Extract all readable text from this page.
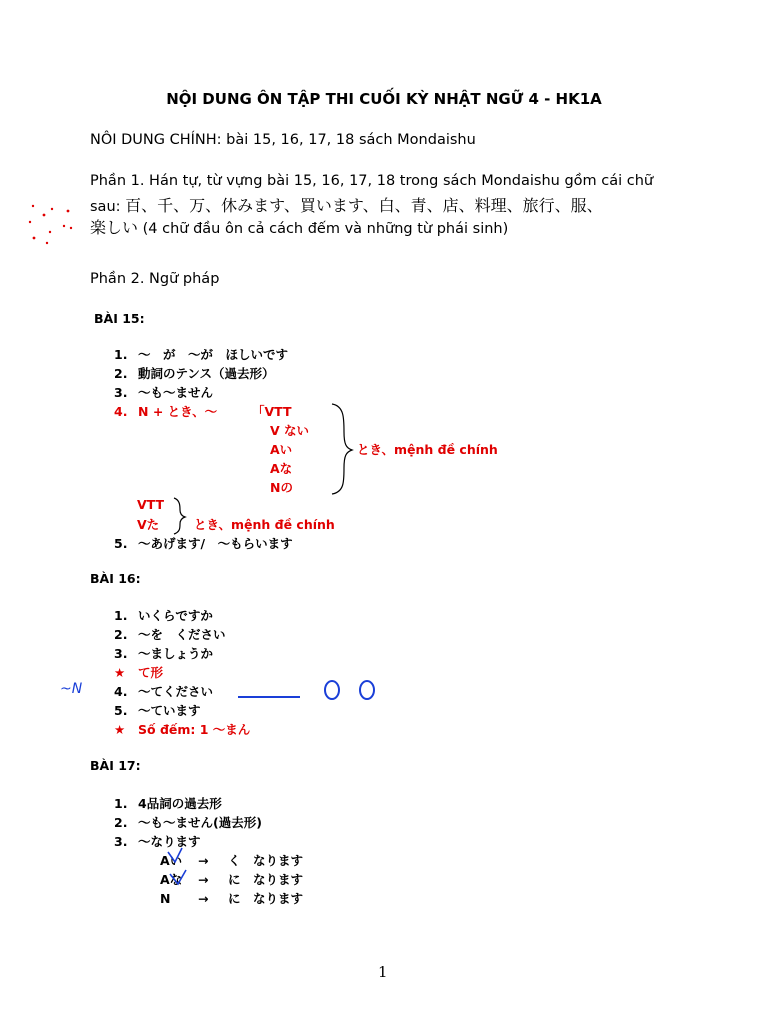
NỘI DUNG ÔN TẬP THI CUỐI KỲ NHẬT NGỮ 4 - HK1A
NÔI DUNG CHÍNH: bài 15, 16, 17, 18 sách Mondaishu
Phần 1. Hán tự, từ vựng bài 15, 16, 17, 18 trong sách Mondaishu gồm cái chữ
sau: 百、千、万、休みます、買います、白、青、店、料理、旅行、服、
楽しい (4 chữ đầu ôn cả cách đếm và những từ phái sinh)
Phần 2. Ngữ pháp
BÀI 15:
1. ～　が　～が　ほしいです
2. 動詞のテンス（過去形）
3. ～も～ません
4. N + とき、～	「VTT
V ない
Aい
Aな
Nの
とき、mệnh đề chính
VTT
Vた	とき、mệnh đề chính
5. ～あげます/　～もらいます
BÀI 16:
1. いくらですか
2. ～を　ください
3. ～ましょうか
★ て形
4. ～てください
5. ～ています
★ Số đếm: 1 ～まん
~N
BÀI 17:
1. 4品詞の過去形
2. ～も～ません(過去形)
3. ～なります
Aい → く　なります
Aな → に　なります
N → に　なります
1
